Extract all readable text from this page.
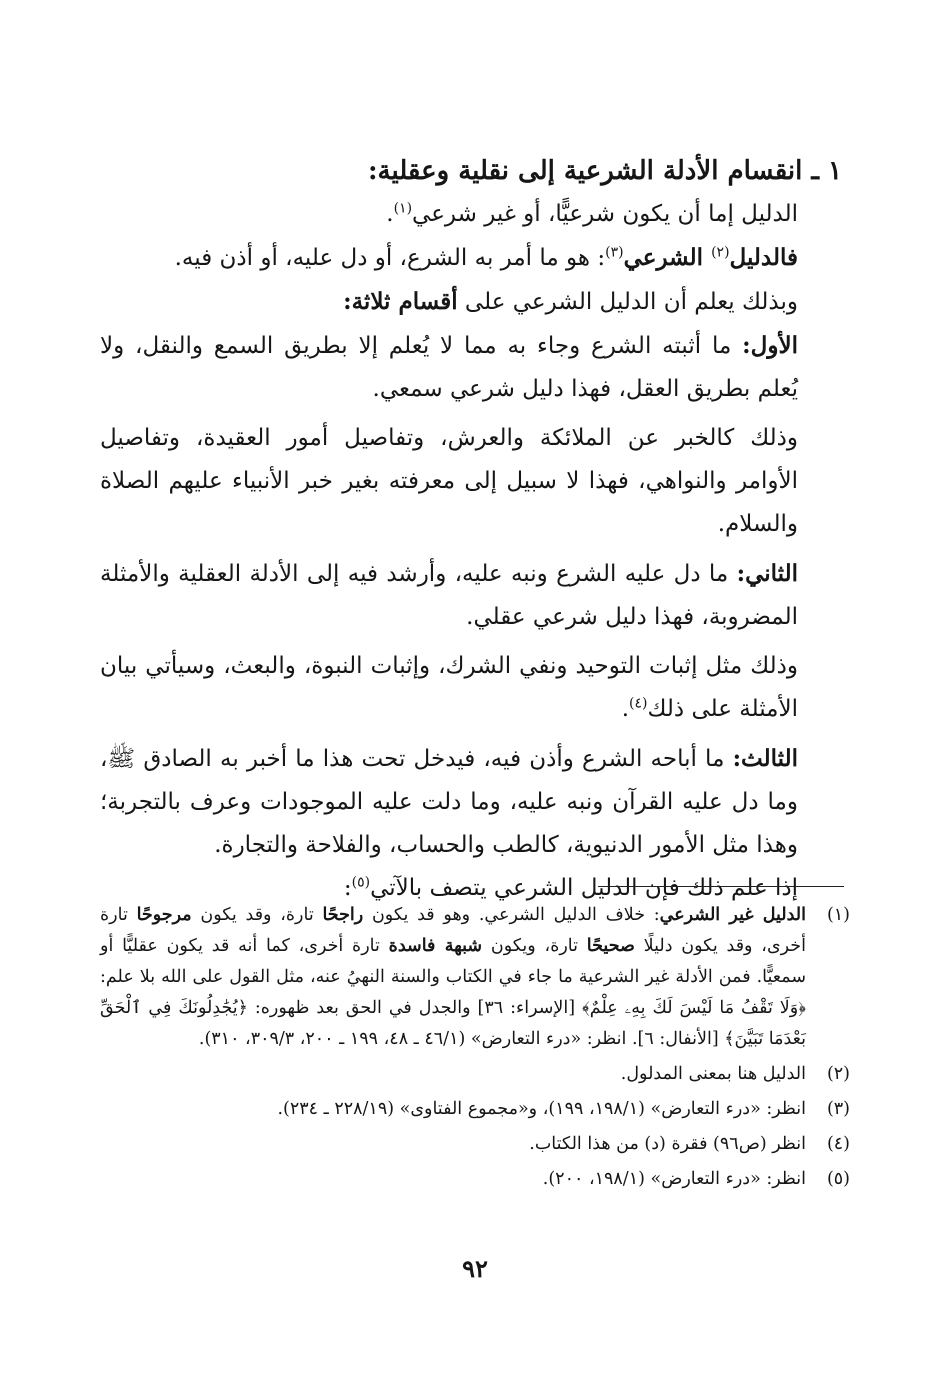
١ ـ انقسام الأدلة الشرعية إلى نقلية وعقلية:

الدليل إما أن يكون شرعيًّا، أو غير شرعي$^{(١)}$.

فالدليل$^{(٢)}$ الشرعي$^{(٣)}$: هو ما أمر به الشرع، أو دل عليه، أو أذن فيه.

وبذلك يعلم أن الدليل الشرعي على أقسام ثلاثة:

الأول: ما أثبته الشرع وجاء به مما لا يُعلم إلا بطريق السمع والنقل، ولا يُعلم بطريق العقل، فهذا دليل شرعي سمعي.

وذلك كالخبر عن الملائكة والعرش، وتفاصيل أمور العقيدة، وتفاصيل الأوامر والنواهي، فهذا لا سبيل إلى معرفته بغير خبر الأنبياء عليهم الصلاة والسلام.

الثاني: ما دل عليه الشرع ونبه عليه، وأرشد فيه إلى الأدلة العقلية والأمثلة المضروبة، فهذا دليل شرعي عقلي.

وذلك مثل إثبات التوحيد ونفي الشرك، وإثبات النبوة، والبعث، وسيأتي بيان الأمثلة على ذلك$^{(٤)}$.

الثالث: ما أباحه الشرع وأذن فيه، فيدخل تحت هذا ما أخبر به الصادق ﷺ، وما دل عليه القرآن ونبه عليه، وما دلت عليه الموجودات وعرف بالتجربة؛ وهذا مثل الأمور الدنيوية، كالطب والحساب، والفلاحة والتجارة.

إذا علم ذلك فإن الدليل الشرعي يتصف بالآتي$^{(٥)}$:

(١)
الدليل غير الشرعي: خلاف الدليل الشرعي. وهو قد يكون راجحًا تارة، وقد يكون مرجوحًا تارة أخرى، وقد يكون دليلًا صحيحًا تارة، ويكون شبهة فاسدة تارة أخرى، كما أنه قد يكون عقليًّا أو سمعيًّا. فمن الأدلة غير الشرعية ما جاء في الكتاب والسنة النهيُ عنه، مثل القول على الله بلا علم: ﴿وَلَا تَقْفُ مَا لَيْسَ لَكَ بِهِۦ عِلْمٌ﴾ [الإسراء: ٣٦] والجدل في الحق بعد ظهوره: ﴿يُجَٰدِلُونَكَ فِي ٱلْحَقِّ بَعْدَمَا تَبَيَّنَ﴾ [الأنفال: ٦]. انظر: «درء التعارض» (٤٦/١ ـ ٤٨، ١٩٩ ـ ٢٠٠، ٣٠٩/٣، ٣١٠).
(٢)
الدليل هنا بمعنى المدلول.
(٣)
انظر: «درء التعارض» (١٩٨/١، ١٩٩)، و«مجموع الفتاوى» (٢٢٨/١٩ ـ ٢٣٤).
(٤)
انظر (ص٩٦) فقرة (د) من هذا الكتاب.
(٥)
انظر: «درء التعارض» (١٩٨/١، ٢٠٠).
٩٢
